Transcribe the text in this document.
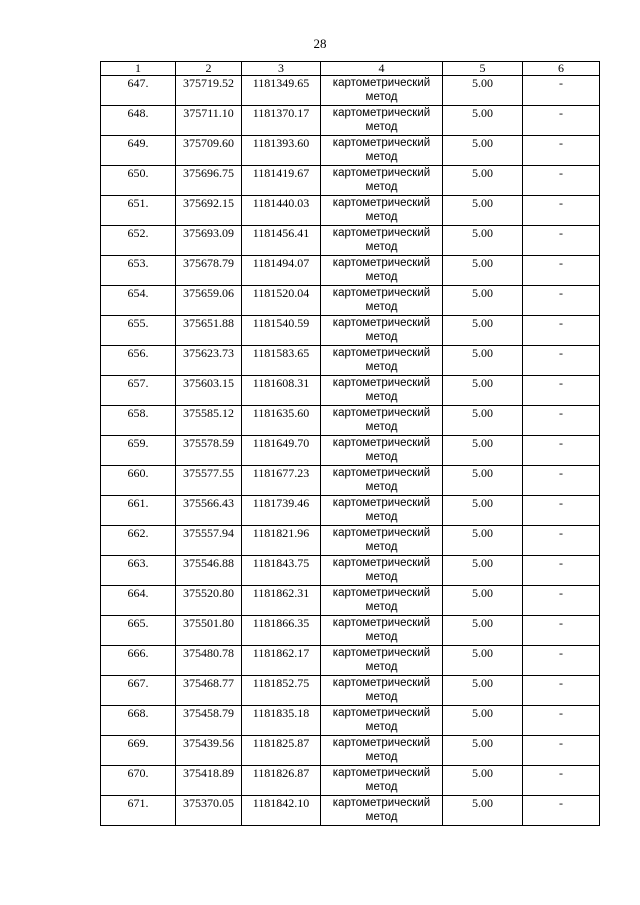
28
1	2	3	4	5	6
647.	375719.52	1181349.65	картометрический
метод	5.00	-
648.	375711.10	1181370.17	картометрический
метод	5.00	-
649.	375709.60	1181393.60	картометрический
метод	5.00	-
650.	375696.75	1181419.67	картометрический
метод	5.00	-
651.	375692.15	1181440.03	картометрический
метод	5.00	-
652.	375693.09	1181456.41	картометрический
метод	5.00	-
653.	375678.79	1181494.07	картометрический
метод	5.00	-
654.	375659.06	1181520.04	картометрический
метод	5.00	-
655.	375651.88	1181540.59	картометрический
метод	5.00	-
656.	375623.73	1181583.65	картометрический
метод	5.00	-
657.	375603.15	1181608.31	картометрический
метод	5.00	-
658.	375585.12	1181635.60	картометрический
метод	5.00	-
659.	375578.59	1181649.70	картометрический
метод	5.00	-
660.	375577.55	1181677.23	картометрический
метод	5.00	-
661.	375566.43	1181739.46	картометрический
метод	5.00	-
662.	375557.94	1181821.96	картометрический
метод	5.00	-
663.	375546.88	1181843.75	картометрический
метод	5.00	-
664.	375520.80	1181862.31	картометрический
метод	5.00	-
665.	375501.80	1181866.35	картометрический
метод	5.00	-
666.	375480.78	1181862.17	картометрический
метод	5.00	-
667.	375468.77	1181852.75	картометрический
метод	5.00	-
668.	375458.79	1181835.18	картометрический
метод	5.00	-
669.	375439.56	1181825.87	картометрический
метод	5.00	-
670.	375418.89	1181826.87	картометрический
метод	5.00	-
671.	375370.05	1181842.10	картометрический
метод	5.00	-
